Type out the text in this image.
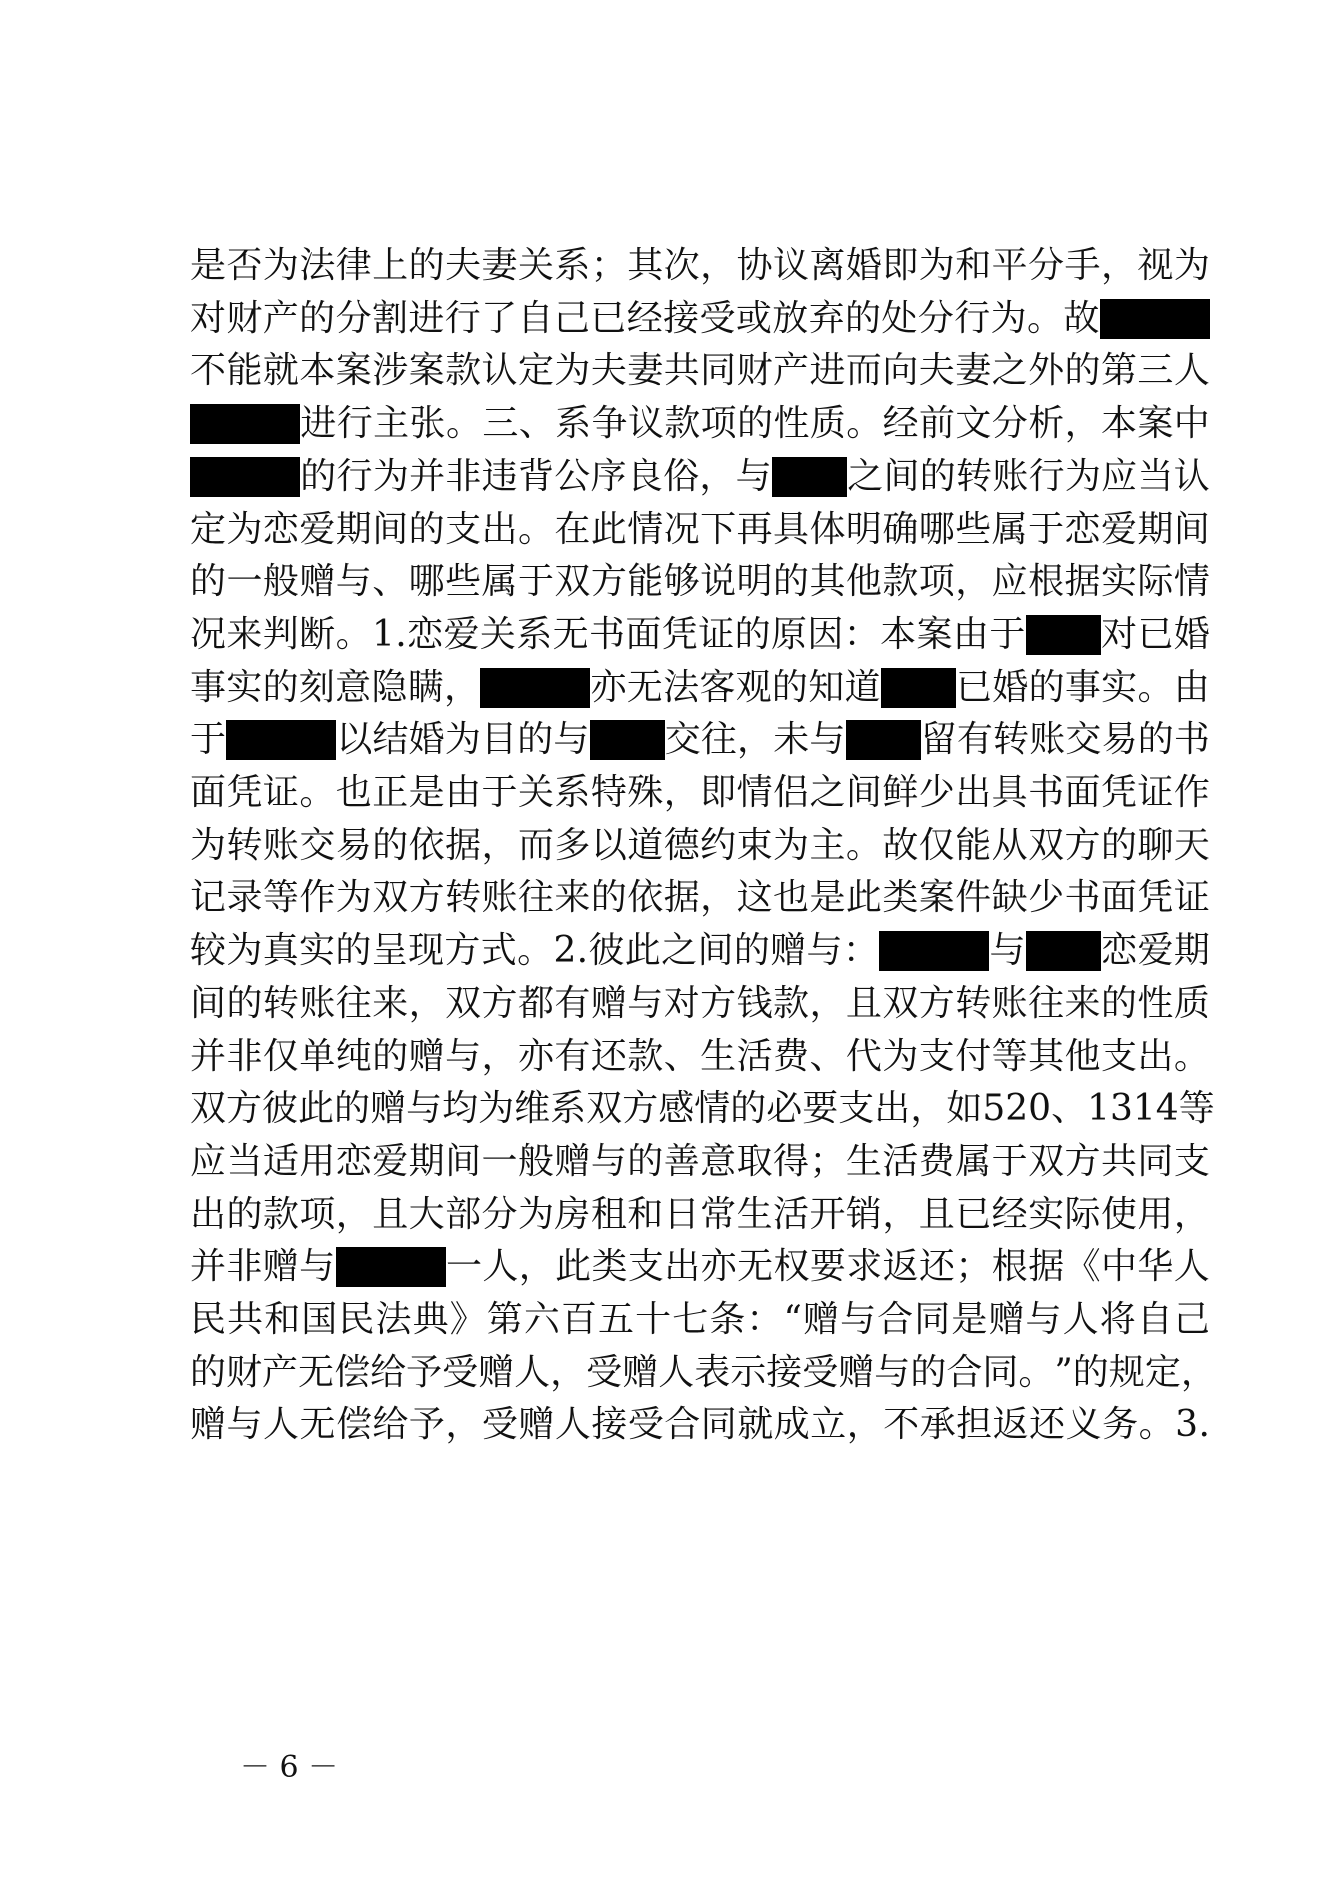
是 否 为 法 律 上 的 夫 妻 关 系 ； 其 次 ， 协 议 离 婚 即 为 和 平 分 手 ， 视 为
对 财 产 的 分 割 进 行 了 自 己 已 经 接 受 或 放 弃 的 处 分 行 为 。 故
不 能 就 本 案 涉 案 款 认 定 为 夫 妻 共 同 财 产 进 而 向 夫 妻 之 外 的 第 三 人
进 行 主 张 。 三 、 系 争 议 款 项 的 性 质 。 经 前 文 分 析 ， 本 案 中
的 行 为 并 非 违 背 公 序 良 俗 ， 与 之 间 的 转 账 行 为 应 当 认
定 为 恋 爱 期 间 的 支 出 。 在 此 情 况 下 再 具 体 明 确 哪 些 属 于 恋 爱 期 间
的 一 般 赠 与 、 哪 些 属 于 双 方 能 够 说 明 的 其 他 款 项 ， 应 根 据 实 际 情
况 来 判 断 。 1 . 恋 爱 关 系 无 书 面 凭 证 的 原 因 ： 本 案 由 于 对 已 婚
事 实 的 刻 意 隐 瞒 ，	亦 无 法 客 观 的 知 道 已 婚 的 事 实 。 由
于	以 结 婚 为 目 的 与 交 往 ， 未 与 留 有 转 账 交 易 的 书
面 凭 证 。 也 正 是 由 于 关 系 特 殊 ， 即 情 侣 之 间 鲜 少 出 具 书 面 凭 证 作
为 转 账 交 易 的 依 据 ， 而 多 以 道 德 约 束 为 主 。 故 仅 能 从 双 方 的 聊 天
记 录 等 作 为 双 方 转 账 往 来 的 依 据 ， 这 也 是 此 类 案 件 缺 少 书 面 凭 证
较 为 真 实 的 呈 现 方 式 。 2 . 彼 此 之 间 的 赠 与 ：	与 恋 爱 期
间 的 转 账 往 来 ， 双 方 都 有 赠 与 对 方 钱 款 ， 且 双 方 转 账 往 来 的 性 质
并 非 仅 单 纯 的 赠 与 ， 亦 有 还 款 、 生 活 费 、 代 为 支 付 等 其 他 支 出 。
双 方 彼 此 的 赠 与 均 为 维 系 双 方 感 情 的 必 要 支 出 ， 如 5 2 0 、 1 3 1 4 等
应 当 适 用 恋 爱 期 间 一 般 赠 与 的 善 意 取 得 ； 生 活 费 属 于 双 方 共 同 支
出 的 款 项 ， 且 大 部 分 为 房 租 和 日 常 生 活 开 销 ， 且 已 经 实 际 使 用 ，
并 非 赠 与	一 人 ， 此 类 支 出 亦 无 权 要 求 返 还 ； 根 据 《 中 华 人
民 共 和 国 民 法 典 》 第 六 百 五 十 七 条 ： “ 赠 与 合 同 是 赠 与 人 将 自 己
的 财 产 无 偿 给 予 受 赠 人 ， 受 赠 人 表 示 接 受 赠 与 的 合 同 。 ” 的 规 定 ，
赠 与 人 无 偿 给 予 ， 受 赠 人 接 受 合 同 就 成 立 ， 不 承 担 返 还 义 务 。 3 .
－ 6 －
